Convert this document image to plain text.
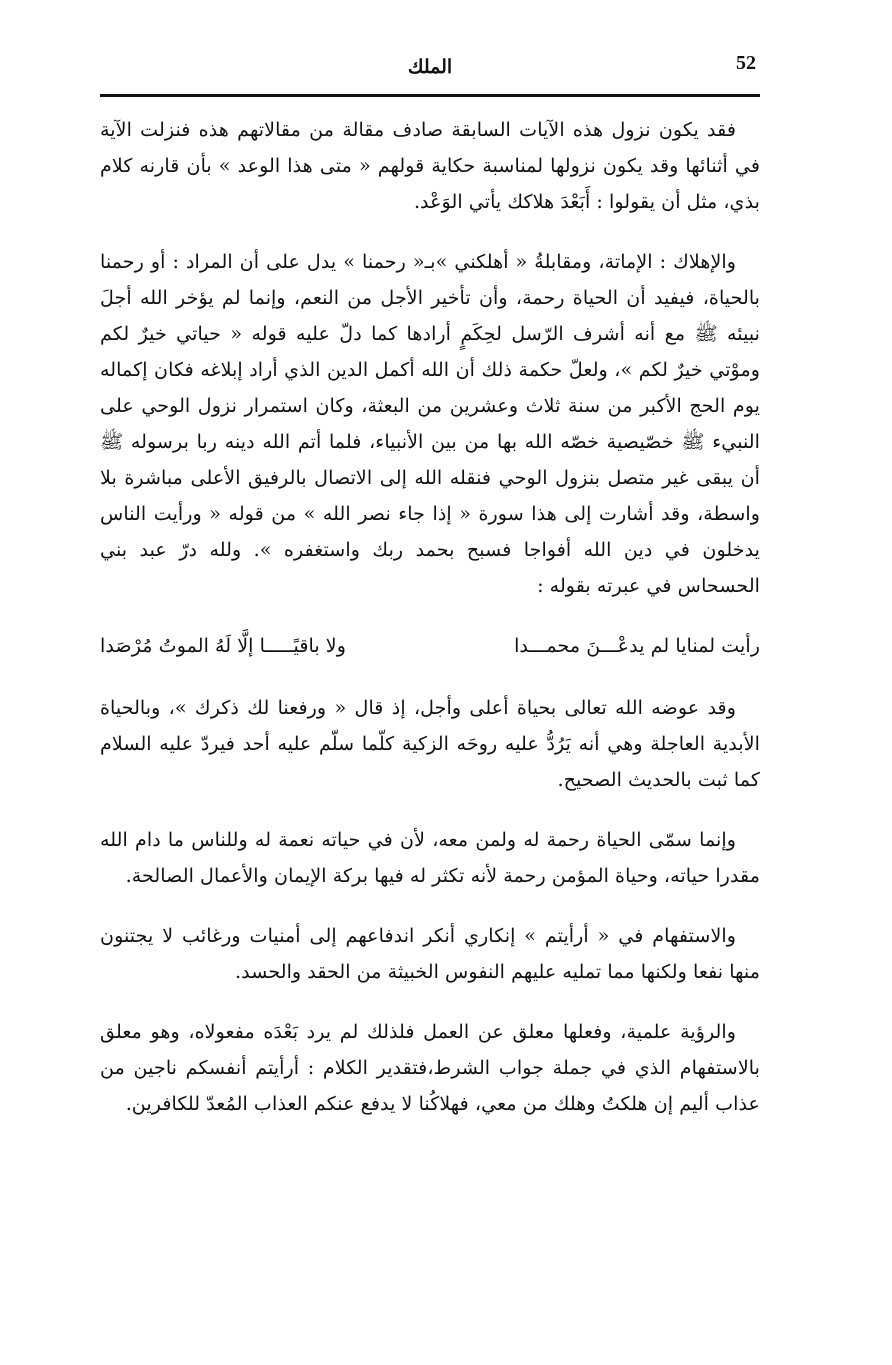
52
الملك

فقد يكون نزول هذه الآيات السابقة صادف مقالة من مقالاتهم هذه فنزلت الآية في أثنائها وقد يكون نزولها لمناسبة حكاية قولهم « متى هذا الوعد » بأن قارنه كلام بذي، مثل أن يقولوا : أَبَعْدَ هلاكك يأتي الوَعْد.

والإهلاك : الإماتة، ومقابلةُ « أهلكني »بـ« رحمنا » يدل على أن المراد : أو رحمنا بالحياة، فيفيد أن الحياة رحمة، وأن تأخير الأجل من النعم، وإنما لم يؤخر الله أجلَ نبيئه ﷺ مع أنه أشرف الرّسل لحِكَمٍ أرادها كما دلّ عليه قوله « حياتي خيرٌ لكم وموْتي خيرٌ لكم »، ولعلّ حكمة ذلك أن الله أكمل الدين الذي أراد إبلاغه فكان إكماله يوم الحج الأكبر من سنة ثلاث وعشرين من البعثة، وكان استمرار نزول الوحي على النبيء ﷺ خصّيصية خصّه الله بها من بين الأنبياء، فلما أتم الله دينه ربا برسوله ﷺ أن يبقى غير متصل بنزول الوحي فنقله الله إلى الاتصال بالرفيق الأعلى مباشرة بلا واسطة، وقد أشارت إلى هذا سورة « إذا جاء نصر الله » من قوله « ورأيت الناس يدخلون في دين الله أفواجا فسبح بحمد ربك واستغفره ». ولله درّ عبد بني الحسحاس في عبرته بقوله :

رأيت لمنايا لم يدعْـــنَ محمـــدا
ولا باقيًـــــا إلَّا لَهُ الموتُ مُرْصَدا

وقد عوضه الله تعالى بحياة أعلى وأجل، إذ قال « ورفعنا لك ذكرك »، وبالحياة الأبدية العاجلة وهي أنه يَرُدُّ عليه روحَه الزكية كلّما سلّم عليه أحد فيردّ عليه السلام كما ثبت بالحديث الصحيح.

وإنما سمّى الحياة رحمة له ولمن معه، لأن في حياته نعمة له وللناس ما دام الله مقدرا حياته، وحياة المؤمن رحمة لأنه تكثر له فيها بركة الإيمان والأعمال الصالحة.

والاستفهام في « أرأيتم » إنكاري أنكر اندفاعهم إلى أمنيات ورغائب لا يجتنون منها نفعا ولكنها مما تمليه عليهم النفوس الخبيثة من الحقد والحسد.

والرؤية علمية، وفعلها معلق عن العمل فلذلك لم يرد بَعْدَه مفعولاه، وهو معلق بالاستفهام الذي في جملة جواب الشرط،فتقدير الكلام : أرأيتم أنفسكم ناجين من عذاب أليم إن هلكتُ وهلك من معي، فهلاكُنا لا يدفع عنكم العذاب المُعدّ للكافرين.
